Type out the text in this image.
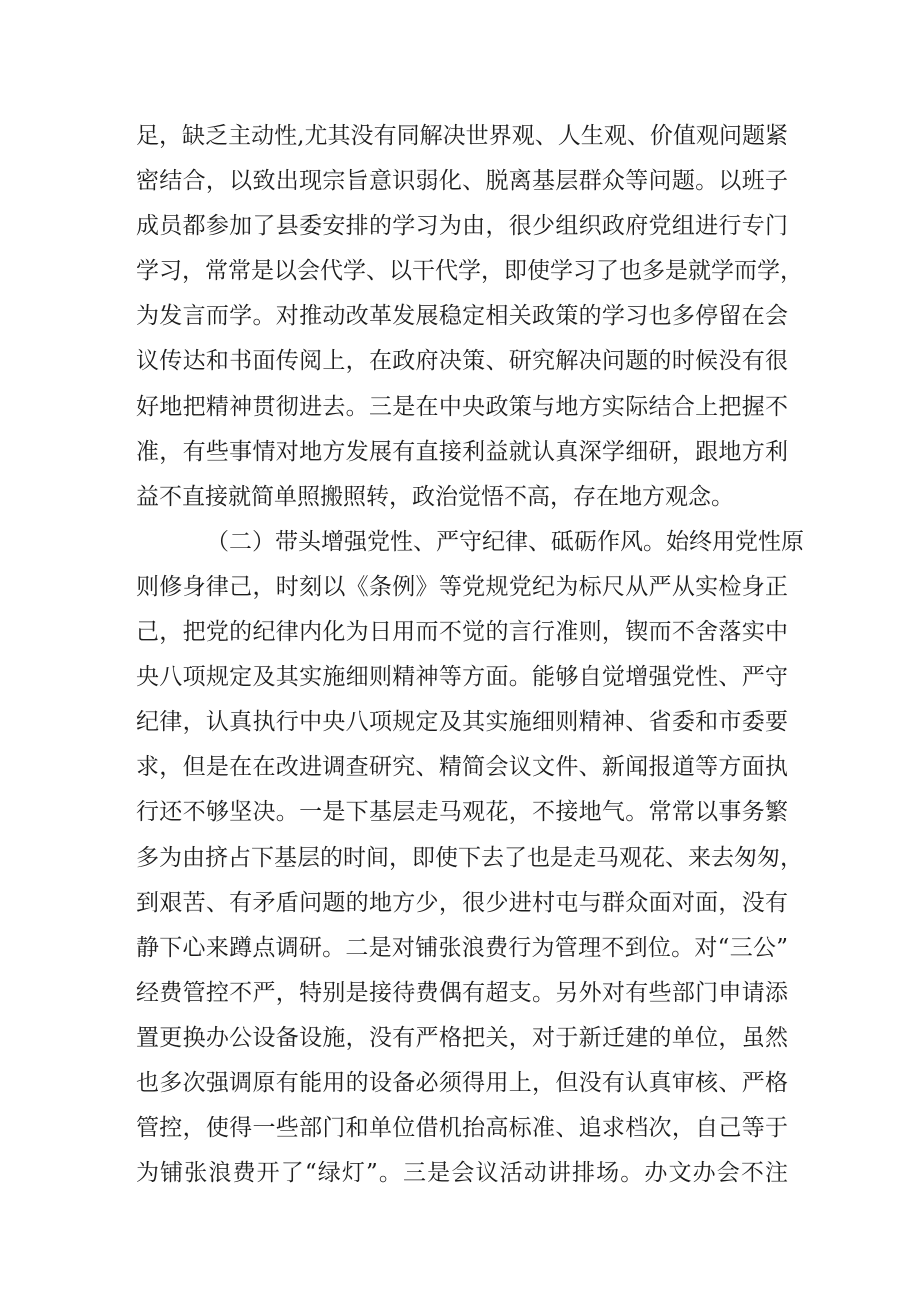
足，缺乏主动性,尤其没有同解决世界观、人生观、价值观问题紧
密结合，以致出现宗旨意识弱化、脱离基层群众等问题。以班子
成员都参加了县委安排的学习为由，很少组织政府党组进行专门
学习，常常是以会代学、以干代学，即使学习了也多是就学而学，
为发言而学。对推动改革发展稳定相关政策的学习也多停留在会
议传达和书面传阅上，在政府决策、研究解决问题的时候没有很
好地把精神贯彻进去。三是在中央政策与地方实际结合上把握不
准，有些事情对地方发展有直接利益就认真深学细研，跟地方利
益不直接就简单照搬照转，政治觉悟不高，存在地方观念。
（二）带头增强党性、严守纪律、砥砺作风。始终用党性原
则修身律己，时刻以《条例》等党规党纪为标尺从严从实检身正
己，把党的纪律内化为日用而不觉的言行准则，锲而不舍落实中
央八项规定及其实施细则精神等方面。能够自觉增强党性、严守
纪律，认真执行中央八项规定及其实施细则精神、省委和市委要
求，但是在在改进调查研究、精简会议文件、新闻报道等方面执
行还不够坚决。一是下基层走马观花，不接地气。常常以事务繁
多为由挤占下基层的时间，即使下去了也是走马观花、来去匆匆，
到艰苦、有矛盾问题的地方少，很少进村屯与群众面对面，没有
静下心来蹲点调研。二是对铺张浪费行为管理不到位。对“三公”
经费管控不严，特别是接待费偶有超支。另外对有些部门申请添
置更换办公设备设施，没有严格把关，对于新迁建的单位，虽然
也多次强调原有能用的设备必须得用上，但没有认真审核、严格
管控，使得一些部门和单位借机抬高标准、追求档次，自己等于
为铺张浪费开了“绿灯”。三是会议活动讲排场。办文办会不注
